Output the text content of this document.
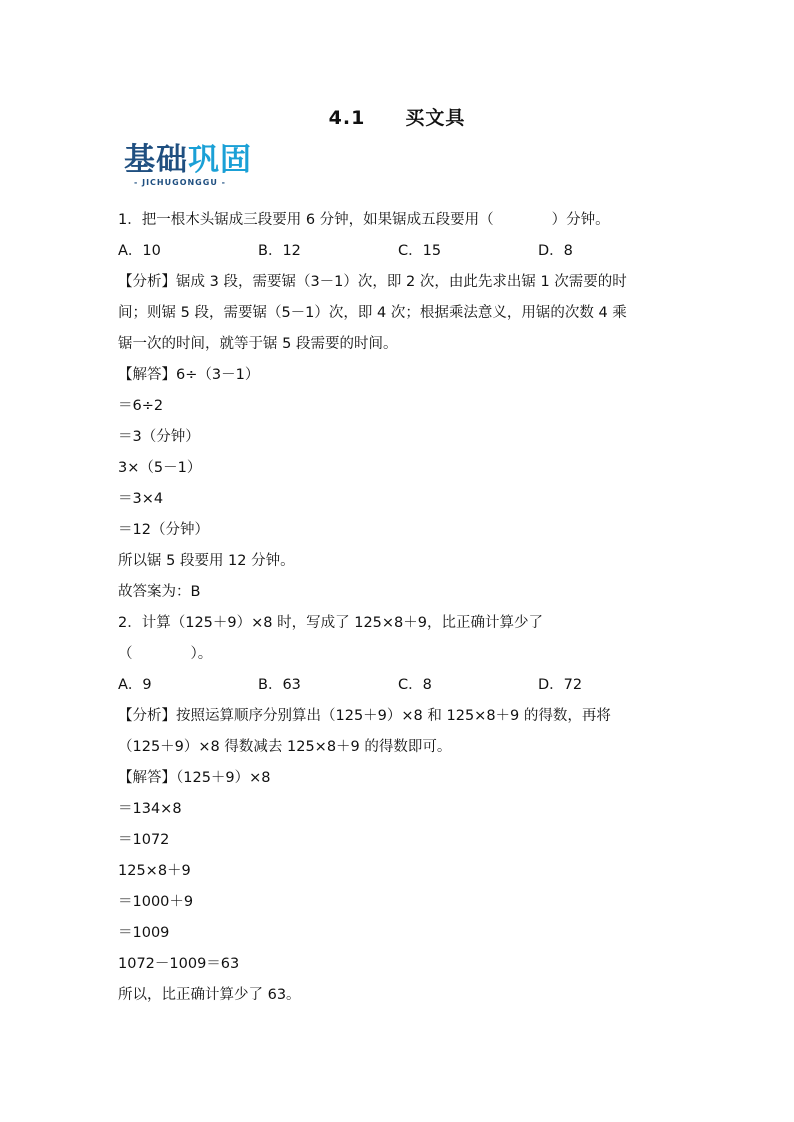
4.1　　买文具
基础巩固
- JICHUGONGGU -
1．把一根木头锯成三段要用 6 分钟，如果锯成五段要用（　　　　）分钟。
A．10	B．12	C．15	D．8
【分析】锯成 3 段，需要锯（3－1）次，即 2 次，由此先求出锯 1 次需要的时
间；则锯 5 段，需要锯（5－1）次，即 4 次；根据乘法意义，用锯的次数 4 乘
锯一次的时间，就等于锯 5 段需要的时间。
【解答】6÷（3－1）
＝6÷2
＝3（分钟）
3×（5－1）
＝3×4
＝12（分钟）
所以锯 5 段要用 12 分钟。
故答案为：B
2．计算（125＋9）×8 时，写成了 125×8＋9，比正确计算少了
（　　　　）。
A．9	B．63	C．8	D．72
【分析】按照运算顺序分别算出（125＋9）×8 和 125×8＋9 的得数，再将
（125＋9）×8 得数减去 125×8＋9 的得数即可。
【解答】（125＋9）×8
＝134×8
＝1072
125×8＋9
＝1000＋9
＝1009
1072－1009＝63
所以，比正确计算少了 63。
